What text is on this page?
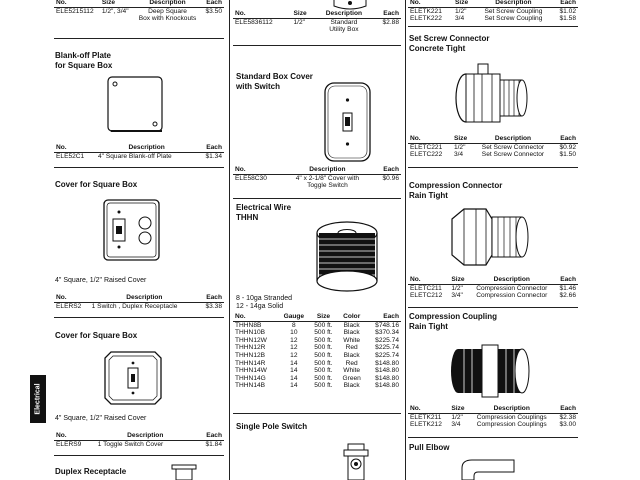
Electrical
No.	Size	Description	Each
ELE5215112	1/2", 3/4"	Deep Square	$3.50
		Box with Knockouts	
Blank-off Plate
for Square Box
No.	Description	Each
ELE52C1	4" Square Blank-off Plate	$1.34
Cover for Square Box
4" Square, 1/2" Raised Cover
No.	Description	Each
ELERS2	1 Switch , Duplex Receptacle	$3.38
Cover for Square Box
4" Square, 1/2" Raised Cover
No.	Description	Each
ELERS9	1 Toggle Switch Cover	$1.84
Duplex Receptacle
No.	Size	Description	Each
ELE5836112	1/2"	Standard	$2.88
		Utility Box	
Standard Box Cover
with Switch
No.	Description	Each
ELE58C30	4" x 2-1/8" Cover with	$0.96
	Toggle Switch	
Electrical Wire
THHN
8 - 10ga Stranded
12 - 14ga Solid
No.	Gauge	Size	Color	Each
THHN8B	8	500 ft.	Black	$748.16
THHN10B	10	500 ft.	Black	$370.34
THHN12W	12	500 ft.	White	$225.74
THHN12R	12	500 ft.	Red	$225.74
THHN12B	12	500 ft.	Black	$225.74
THHN14R	14	500 ft.	Red	$148.80
THHN14W	14	500 ft.	White	$148.80
THHN14G	14	500 ft.	Green	$148.80
THHN14B	14	500 ft.	Black	$148.80
Single Pole Switch
No.	Size	Description	Each
ELETK221	1/2"	Set Screw Coupling	$1.02
ELETK222	3/4	Set Screw Coupling	$1.58
Set Screw Connector
Concrete Tight
No.	Size	Description	Each
ELETC221	1/2"	Set Screw Connector	$0.92
ELETC222	3/4	Set Screw Connector	$1.50
Compression Connector
Rain Tight
No.	Size	Description	Each
ELETC211	1/2"	Compression Connector	$1.46
ELETC212	3/4"	Compression Connector	$2.66
Compression Coupling
Rain Tight
No.	Size	Description	Each
ELETK211	1/2"	Compression Couplings	$2.38
ELETK212	3/4	Compression Couplings	$3.00
Pull Elbow
